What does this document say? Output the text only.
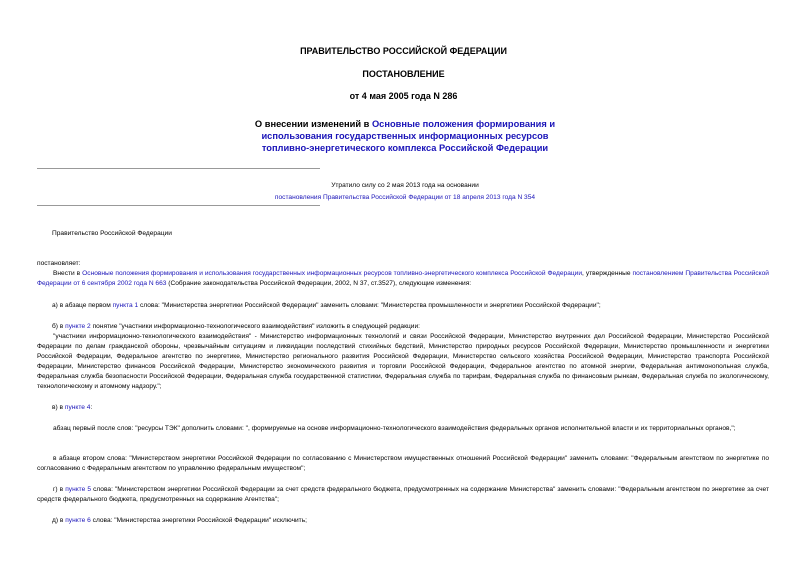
ПРАВИТЕЛЬСТВО РОССИЙСКОЙ ФЕДЕРАЦИИ
ПОСТАНОВЛЕНИЕ
от 4 мая 2005 года N 286
О внесении изменений в Основные положения формирования и
использования государственных информационных ресурсов
топливно-энергетического комплекса Российской Федерации
Утратило силу со 2 мая 2013 года на основании
постановления Правительства Российской Федерации от 18 апреля 2013 года N 354
Правительство Российской Федерации
постановляет:
Внести в Основные положения формирования и использования государственных информационных ресурсов топливно-энергетического комплекса Российской Федерации, утвержденные постановлением Правительства Российской Федерации от 6 сентября 2002 года N 663 (Собрание законодательства Российской Федерации, 2002, N 37, ст.3527), следующие изменения:
а) в абзаце первом пункта 1 слова: "Министерства энергетики Российской Федерации" заменить словами: "Министерства промышленности и энергетики Российской Федерации";
б) в пункте 2 понятие "участники информационно-технологического взаимодействия" изложить в следующей редакции:
"участники информационно-технологического взаимодействия" - Министерство информационных технологий и связи Российской Федерации, Министерство внутренних дел Российской Федерации, Министерство Российской Федерации по делам гражданской обороны, чрезвычайным ситуациям и ликвидации последствий стихийных бедствий, Министерство природных ресурсов Российской Федерации, Министерство промышленности и энергетики Российской Федерации, Федеральное агентство по энергетике, Министерство регионального развития Российской Федерации, Министерство сельского хозяйства Российской Федерации, Министерство транспорта Российской Федерации, Министерство финансов Российской Федерации, Министерство экономического развития и торговли Российской Федерации, Федеральное агентство по атомной энергии, Федеральная антимонопольная служба, Федеральная служба безопасности Российской Федерации, Федеральная служба государственной статистики, Федеральная служба по тарифам, Федеральная служба по финансовым рынкам, Федеральная служба по экологическому, технологическому и атомному надзору.";
в) в пункте 4:
абзац первый после слов: "ресурсы ТЭК" дополнить словами: ", формируемые на основе информационно-технологического взаимодействия федеральных органов исполнительной власти и их территориальных органов,";
в абзаце втором слова: "Министерством энергетики Российской Федерации по согласованию с Министерством имущественных отношений Российской Федерации" заменить словами: "Федеральным агентством по энергетике по согласованию с Федеральным агентством по управлению федеральным имуществом";
г) в пункте 5 слова: "Министерством энергетики Российской Федерации за счет средств федерального бюджета, предусмотренных на содержание Министерства" заменить словами: "Федеральным агентством по энергетике за счет средств федерального бюджета, предусмотренных на содержание Агентства";
д) в пункте 6 слова: "Министерства энергетики Российской Федерации" исключить;
